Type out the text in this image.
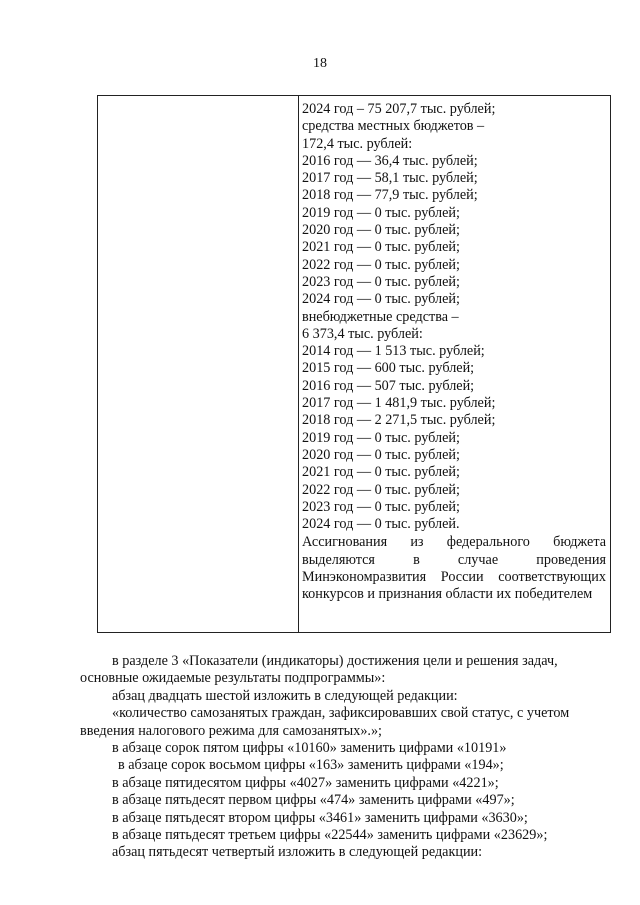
18
2024 год – 75 207,7 тыс. рублей;
средства местных бюджетов –
172,4 тыс. рублей:
2016 год — 36,4 тыс. рублей;
2017 год — 58,1 тыс. рублей;
2018 год — 77,9 тыс. рублей;
2019 год — 0 тыс. рублей;
2020 год — 0 тыс. рублей;
2021 год — 0 тыс. рублей;
2022 год — 0 тыс. рублей;
2023 год — 0 тыс. рублей;
2024 год — 0 тыс. рублей;
внебюджетные средства –
6 373,4 тыс. рублей:
2014 год — 1 513 тыс. рублей;
2015 год — 600 тыс. рублей;
2016 год — 507 тыс. рублей;
2017 год — 1 481,9 тыс. рублей;
2018 год — 2 271,5 тыс. рублей;
2019 год — 0 тыс. рублей;
2020 год — 0 тыс. рублей;
2021 год — 0 тыс. рублей;
2022 год — 0 тыс. рублей;
2023 год — 0 тыс. рублей;
2024 год — 0 тыс. рублей.
Ассигнования из федерального бюджета выделяются в случае проведения Минэкономразвития России соответствующих конкурсов и признания области их победителем

в разделе 3 «Показатели (индикаторы) достижения цели и решения задач,

основные ожидаемые результаты подпрограммы»:

абзац двадцать шестой изложить в следующей редакции:

«количество самозанятых граждан, зафиксировавших свой статус, с учетом

введения налогового режима для самозанятых».»;

в абзаце сорок пятом цифры «10160» заменить цифрами «10191»

в абзаце сорок восьмом цифры «163» заменить цифрами «194»;

в абзаце пятидесятом цифры «4027» заменить цифрами «4221»;

в абзаце пятьдесят первом цифры «474» заменить цифрами «497»;

в абзаце пятьдесят втором цифры «3461» заменить цифрами «3630»;

в абзаце пятьдесят третьем цифры «22544» заменить цифрами «23629»;

абзац пятьдесят четвертый изложить в следующей редакции:
